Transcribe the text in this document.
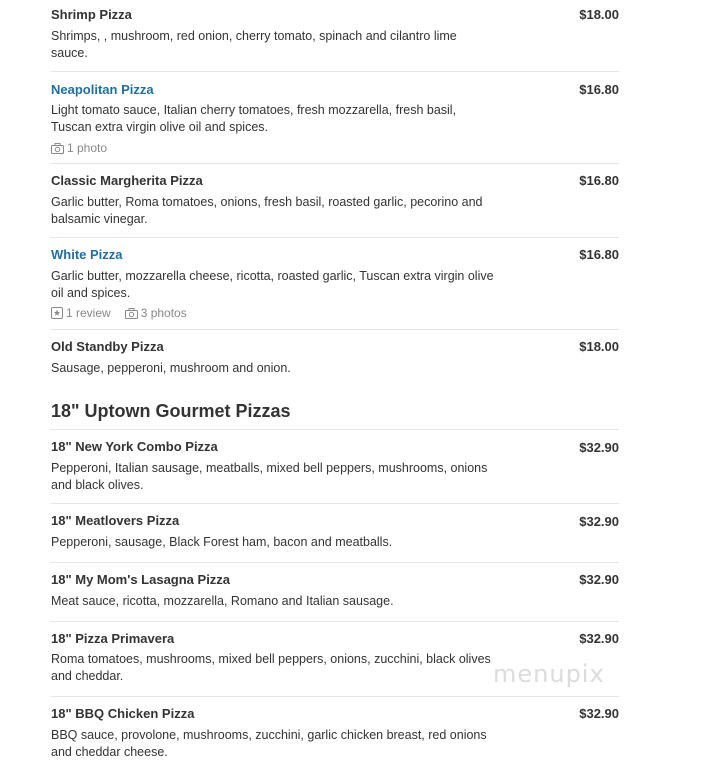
Shrimp Pizza	$18.00
Shrimps, , mushroom, red onion, cherry tomato, spinach and cilantro lime sauce.
Neapolitan Pizza	$16.80
Light tomato sauce, Italian cherry tomatoes, fresh mozzarella, fresh basil, Tuscan extra virgin olive oil and spices.
1 photo
Classic Margherita Pizza	$16.80
Garlic butter, Roma tomatoes, onions, fresh basil, roasted garlic, pecorino and balsamic vinegar.
White Pizza	$16.80
Garlic butter, mozzarella cheese, ricotta, roasted garlic, Tuscan extra virgin olive oil and spices.
1 review	3 photos
Old Standby Pizza	$18.00
Sausage, pepperoni, mushroom and onion.
18" Uptown Gourmet Pizzas
18" New York Combo Pizza	$32.90
Pepperoni, Italian sausage, meatballs, mixed bell peppers, mushrooms, onions and black olives.
18" Meatlovers Pizza	$32.90
Pepperoni, sausage, Black Forest ham, bacon and meatballs.
18" My Mom's Lasagna Pizza	$32.90
Meat sauce, ricotta, mozzarella, Romano and Italian sausage.
18" Pizza Primavera	$32.90
Roma tomatoes, mushrooms, mixed bell peppers, onions, zucchini, black olives and cheddar.
18" BBQ Chicken Pizza	$32.90
BBQ sauce, provolone, mushrooms, zucchini, garlic chicken breast, red onions and cheddar cheese.
menupix
